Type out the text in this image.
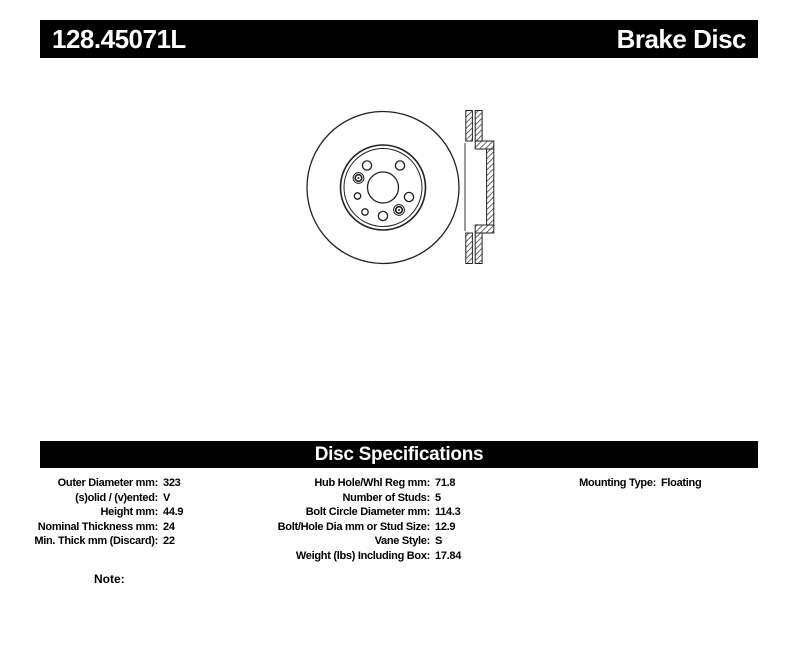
128.45071L	Brake Disc
Disc Specifications
Outer Diameter mm: 323
(s)olid / (v)ented: V
Height mm: 44.9
Nominal Thickness mm: 24
Min. Thick mm (Discard): 22
Hub Hole/Whl Reg mm: 71.8
Number of Studs: 5
Bolt Circle Diameter mm: 114.3
Bolt/Hole Dia mm or Stud Size: 12.9
Vane Style: S
Weight (lbs) Including Box: 17.84
Mounting Type: Floating
Note:
